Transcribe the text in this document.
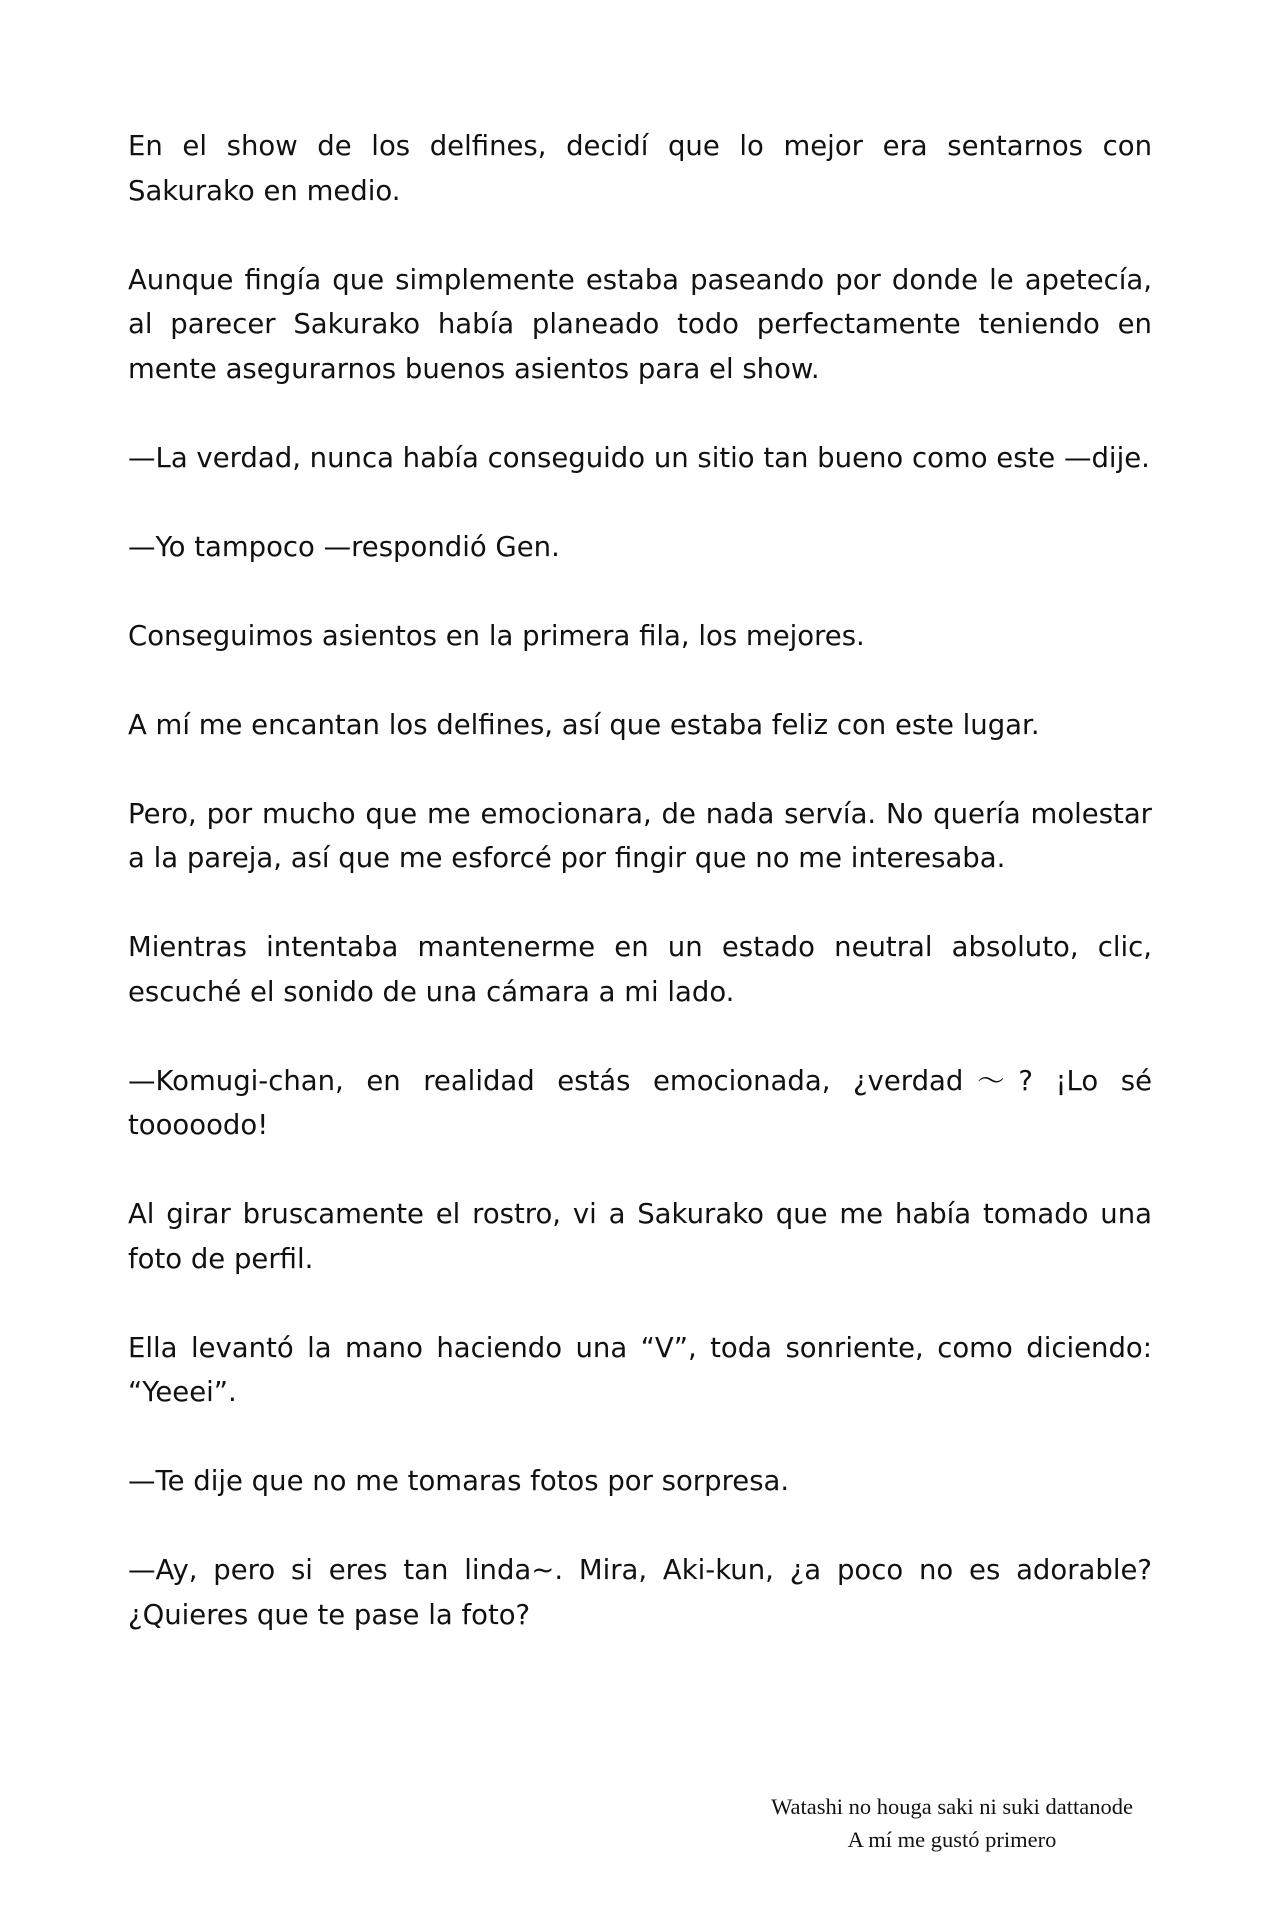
En el show de los delfines, decidí que lo mejor era sentarnos con Sakurako en medio.

Aunque fingía que simplemente estaba paseando por donde le apetecía, al parecer Sakurako había planeado todo perfectamente teniendo en mente asegurarnos buenos asientos para el show.

—La verdad, nunca había conseguido un sitio tan bueno como este —dije.

—Yo tampoco —respondió Gen.

Conseguimos asientos en la primera fila, los mejores.

A mí me encantan los delfines, así que estaba feliz con este lugar.

Pero, por mucho que me emocionara, de nada servía. No quería molestar a la pareja, así que me esforcé por fingir que no me interesaba.

Mientras intentaba mantenerme en un estado neutral absoluto, clic, escuché el sonido de una cámara a mi lado.

—Komugi-chan, en realidad estás emocionada, ¿verdad〜? ¡Lo sé tooooodo!

Al girar bruscamente el rostro, vi a Sakurako que me había tomado una foto de perfil.

Ella levantó la mano haciendo una “V”, toda sonriente, como diciendo: “Yeeei”.

—Te dije que no me tomaras fotos por sorpresa.

—Ay, pero si eres tan linda~. Mira, Aki-kun, ¿a poco no es adorable? ¿Quieres que te pase la foto?

Watashi no houga saki ni suki dattanode
A mí me gustó primero
